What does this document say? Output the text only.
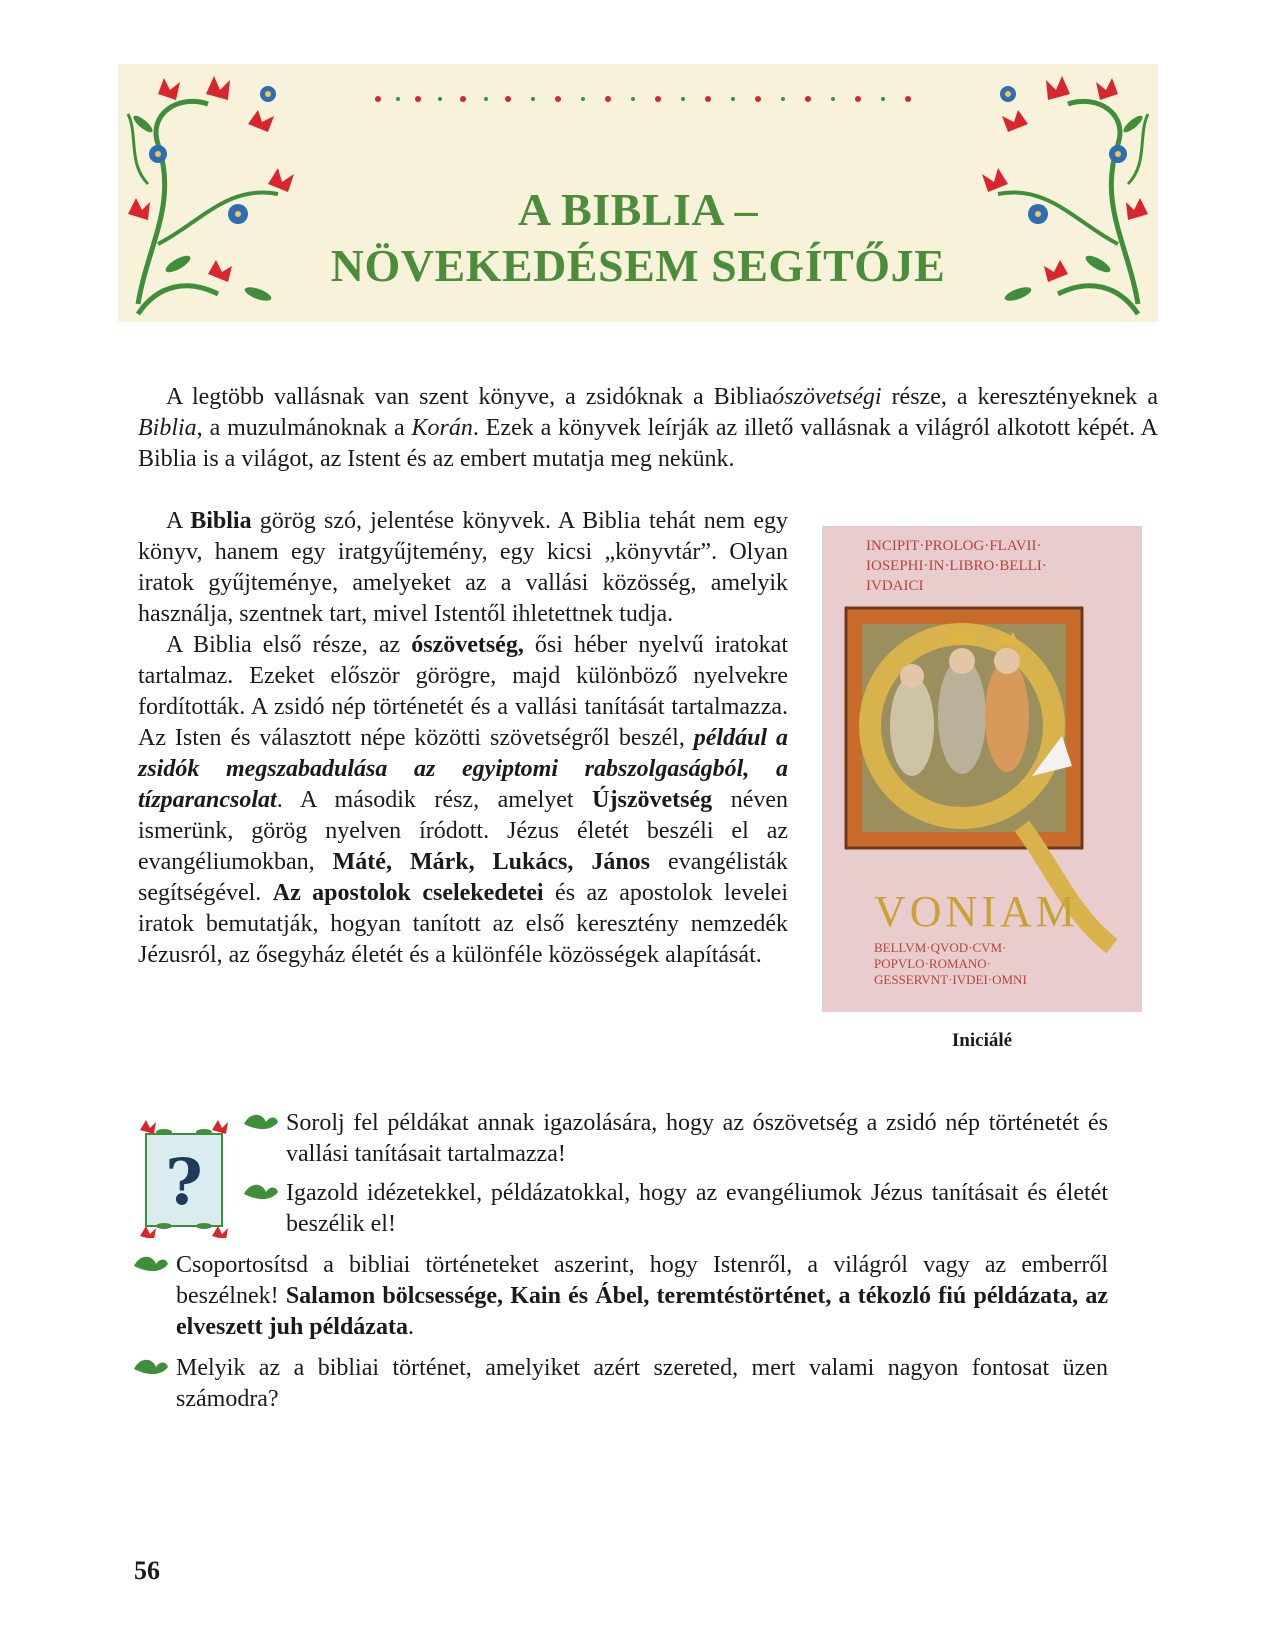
A BIBLIA –
NÖVEKEDÉSEM SEGÍTŐJE

A legtöbb vallásnak van szent könyve, a zsidóknak a Bibliaószövetségi része, a keresztényeknek a Biblia, a muzulmánoknak a Korán. Ezek a könyvek leírják az illető vallásnak a világról alkotott képét. A Biblia is a világot, az Istent és az embert mutatja meg nekünk.

A Biblia görög szó, jelentése könyvek. A Biblia tehát nem egy könyv, hanem egy iratgyűjtemény, egy kicsi „könyvtár”. Olyan iratok gyűjteménye, amelyeket az a vallási közösség, amelyik használja, szentnek tart, mivel Istentől ihletettnek tudja.

A Biblia első része, az ószövetség, ősi héber nyelvű iratokat tartalmaz. Ezeket először görögre, majd különböző nyelvekre fordították. A zsidó nép történetét és a vallási tanítását tartalmazza. Az Isten és választott népe közötti szövetségről beszél, például a zsidók megszabadulása az egyiptomi rabszolgaságból, a tízparancsolat. A második rész, amelyet Újszövetség néven ismerünk, görög nyelven íródott. Jézus életét beszéli el az evangéliumokban, Máté, Márk, Lukács, János evangélisták segítségével. Az apostolok cselekedetei és az apostolok levelei iratok bemutatják, hogyan tanított az első keresztény nemzedék Jézusról, az ősegyház életét és a különféle közösségek alapítását.

INCIPIT·PROLOG·FLAVII·
IOSEPHI·IN·LIBRO·BELLI·
IVDAICI
VONIAM
BELLVM·QVOD·CVM·
POPVLO·ROMANO·
GESSERVNT·IVDEI·OMNI
Iniciálé
?
Sorolj fel példákat annak igazolására, hogy az ószövetség a zsidó nép történetét és vallási tanításait tartalmazza!
Igazold idézetekkel, példázatokkal, hogy az evangéliumok Jézus tanításait és életét beszélik el!
Csoportosítsd a bibliai történeteket aszerint, hogy Istenről, a világról vagy az emberről beszélnek! Salamon bölcsessége, Kain és Ábel, teremtéstörténet, a tékozló fiú példázata, az elveszett juh példázata.
Melyik az a bibliai történet, amelyiket azért szereted, mert valami nagyon fontosat üzen számodra?
56
